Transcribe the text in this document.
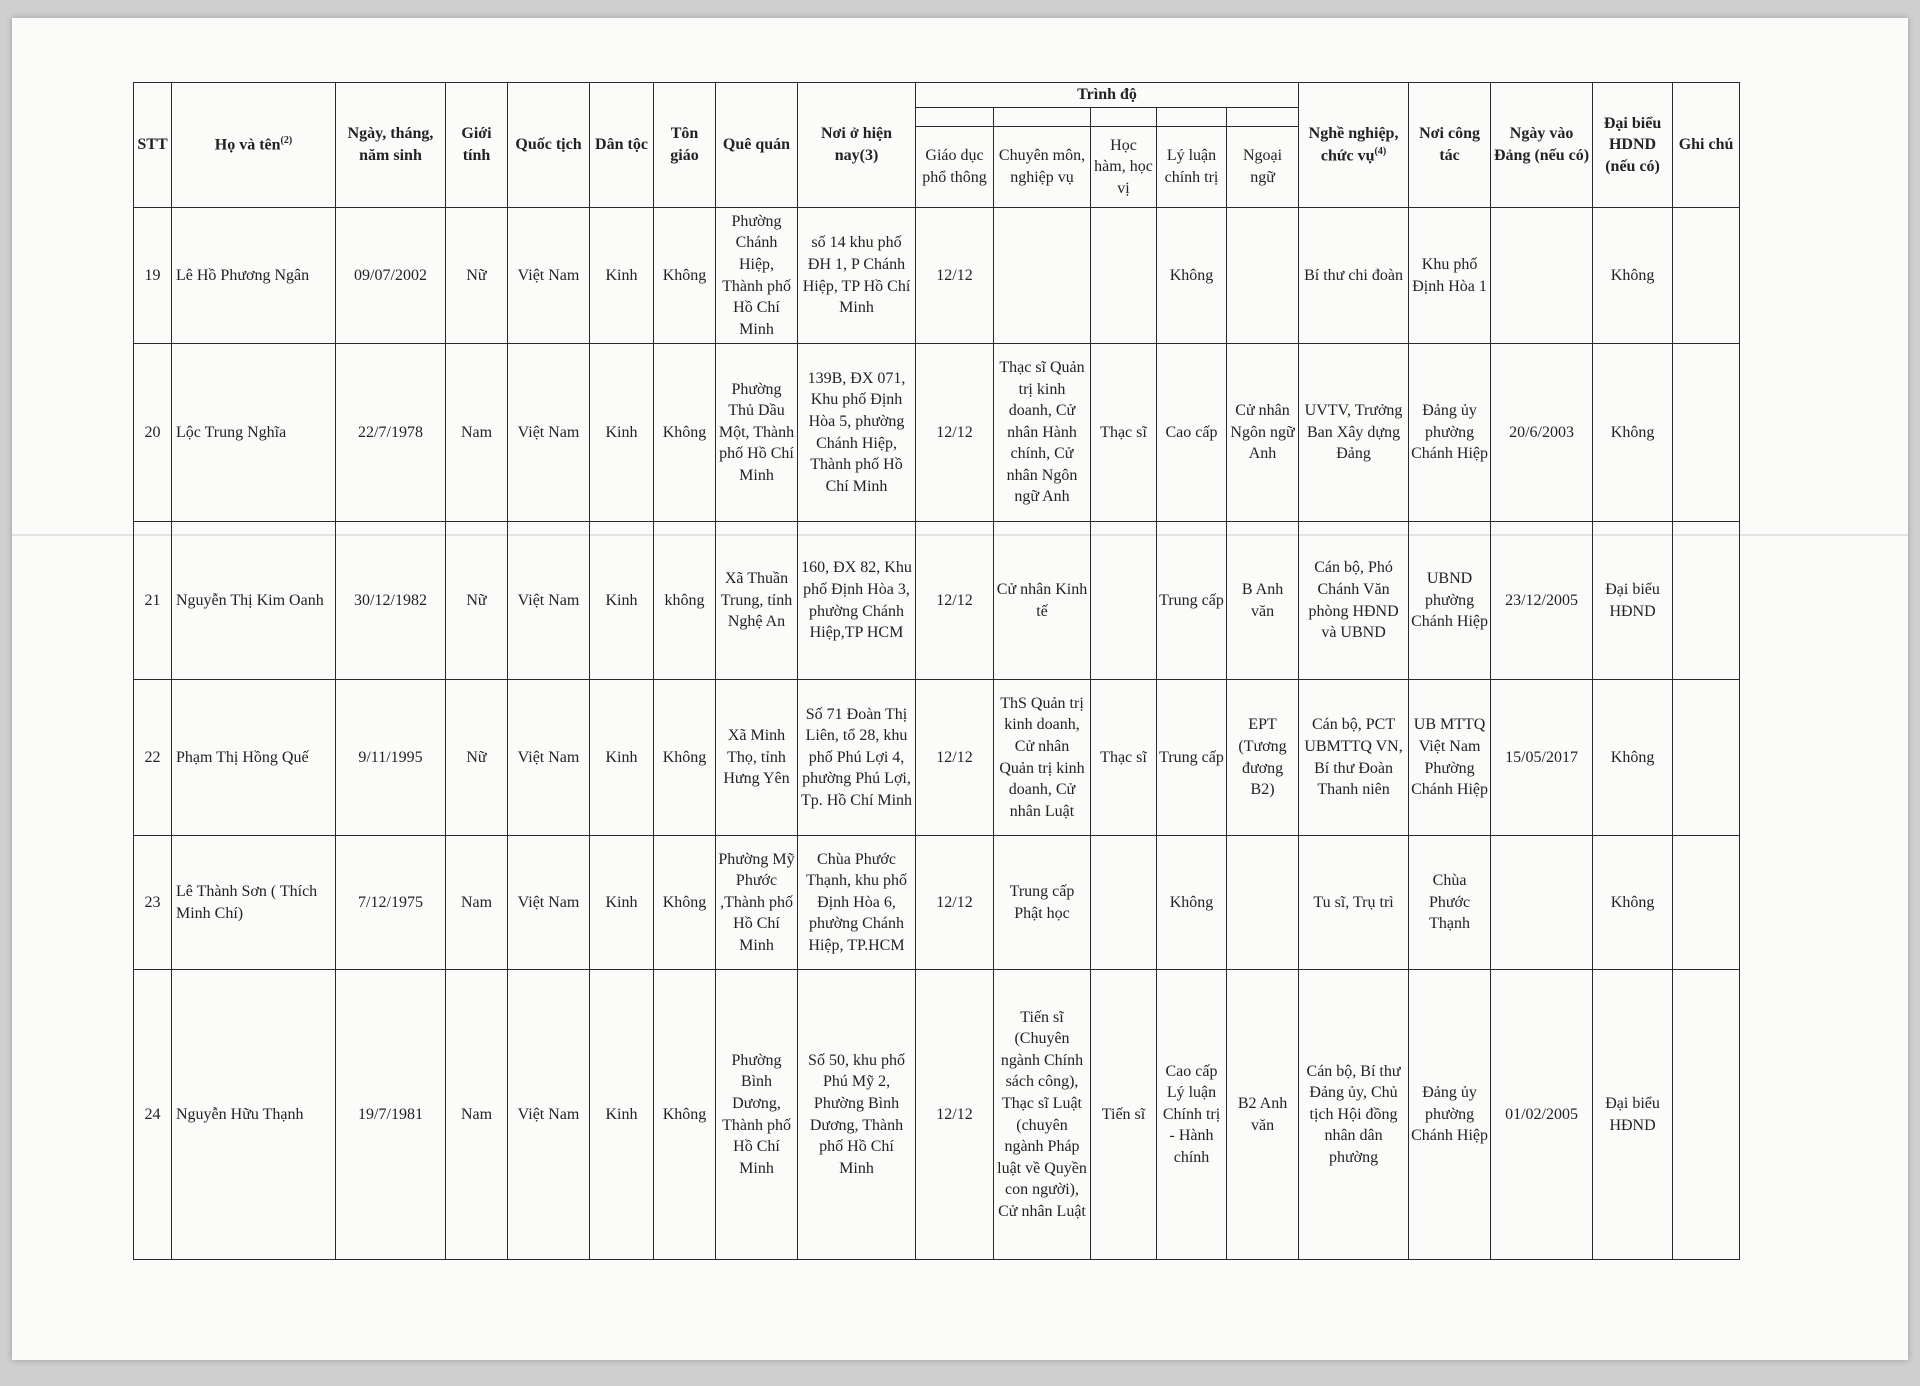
STT	Họ và tên$^{(2)}$	Ngày, tháng, năm sinh	Giới tính	Quốc tịch	Dân tộc	Tôn giáo	Quê quán	Nơi ở hiện nay(3)	Trình độ					Nghề nghiệp, chức vụ$^{(4)}$	Nơi công tác	Ngày vào Đảng (nếu có)	Đại biểu HDND (nếu có)	Ghi chú

									Giáo dục phổ thông	Chuyên môn, nghiệp vụ	Học hàm, học vị	Lý luận chính trị	Ngoại ngữ					
19	Lê Hồ Phương Ngân	09/07/2002	Nữ	Việt Nam	Kinh	Không	Phường Chánh Hiệp, Thành phố Hồ Chí Minh	số 14 khu phố ĐH 1, P Chánh Hiệp, TP Hồ Chí Minh	12/12			Không		Bí thư chi đoàn	Khu phố Định Hòa 1		Không	
20	Lộc Trung Nghĩa	22/7/1978	Nam	Việt Nam	Kinh	Không	Phường Thủ Dầu Một, Thành phố Hồ Chí Minh	139B, ĐX 071, Khu phố Định Hòa 5, phường Chánh Hiệp, Thành phố Hồ Chí Minh	12/12	Thạc sĩ Quản trị kinh doanh, Cử nhân Hành chính, Cử nhân Ngôn ngữ Anh	Thạc sĩ	Cao cấp	Cử nhân Ngôn ngữ Anh	UVTV, Trưởng Ban Xây dựng Đảng	Đảng ủy phường Chánh Hiệp	20/6/2003	Không	
21	Nguyễn Thị Kim Oanh	30/12/1982	Nữ	Việt Nam	Kinh	không	Xã Thuần Trung, tỉnh Nghệ An	160, ĐX 82, Khu phố Định Hòa 3, phường Chánh Hiệp,TP HCM	12/12	Cử nhân Kinh tế		Trung cấp	B Anh văn	Cán bộ, Phó Chánh Văn phòng HĐND và UBND	UBND phường Chánh Hiệp	23/12/2005	Đại biểu HĐND	
22	Phạm Thị Hồng Quế	9/11/1995	Nữ	Việt Nam	Kinh	Không	Xã Minh Thọ, tỉnh Hưng Yên	Số 71 Đoàn Thị Liên, tổ 28, khu phố Phú Lợi 4, phường Phú Lợi, Tp. Hồ Chí Minh	12/12	ThS Quản trị kinh doanh, Cử nhân Quản trị kinh doanh, Cử nhân Luật	Thạc sĩ	Trung cấp	EPT (Tương đương B2)	Cán bộ, PCT UBMTTQ VN, Bí thư Đoàn Thanh niên	UB MTTQ Việt Nam Phường Chánh Hiệp	15/05/2017	Không	
23	Lê Thành Sơn ( Thích Minh Chí)	7/12/1975	Nam	Việt Nam	Kinh	Không	Phường Mỹ Phước ,Thành phố Hồ Chí Minh	Chùa Phước Thạnh, khu phố Định Hòa 6, phường Chánh Hiệp, TP.HCM	12/12	Trung cấp Phật học		Không		Tu sĩ, Trụ trì	Chùa Phước Thạnh		Không	
24	Nguyễn Hữu Thạnh	19/7/1981	Nam	Việt Nam	Kinh	Không	Phường Bình Dương, Thành phố Hồ Chí Minh	Số 50, khu phố Phú Mỹ 2, Phường Bình Dương, Thành phố Hồ Chí Minh	12/12	Tiến sĩ (Chuyên ngành Chính sách công), Thạc sĩ Luật (chuyên ngành Pháp luật về Quyền con người), Cử nhân Luật	Tiến sĩ	Cao cấp Lý luận Chính trị - Hành chính	B2 Anh văn	Cán bộ, Bí thư Đảng ủy, Chủ tịch Hội đồng nhân dân phường	Đảng ủy phường Chánh Hiệp	01/02/2005	Đại biểu HĐND	
